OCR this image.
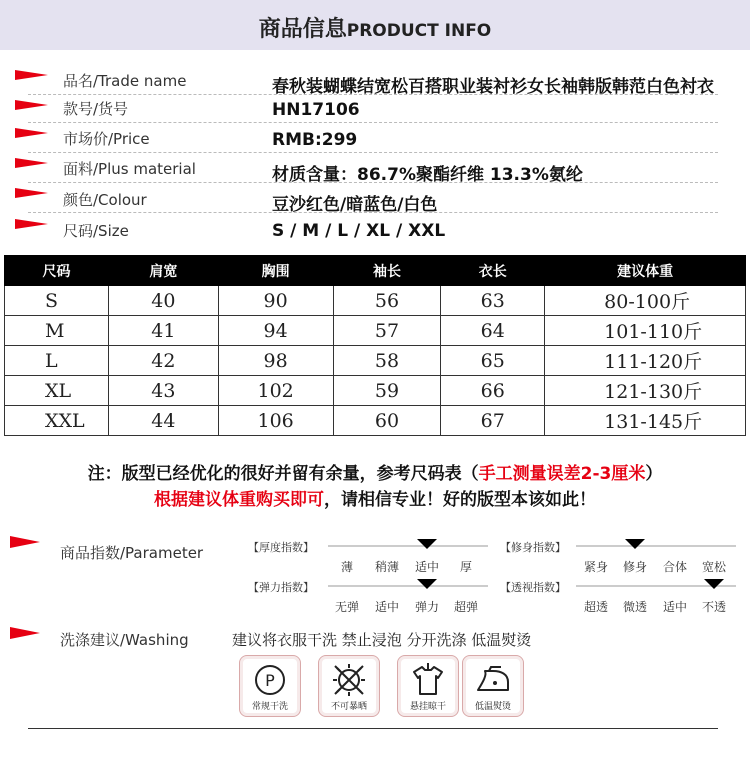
商品信息PRODUCT INFO
品名/Trade name	春秋装蝴蝶结宽松百搭职业装衬衫女长袖韩版韩范白色衬衣
款号/货号	HN17106
市场价/Price	RMB:299
面料/Plus material	材质含量：86.7%聚酯纤维 13.3%氨纶
颜色/Colour	豆沙红色/暗蓝色/白色
尺码/Size	S / M / L / XL / XXL
尺码	肩宽	胸围	袖长	衣长	建议体重
S	40	90	56	63	80-100斤
M	41	94	57	64	101-110斤
L	42	98	58	65	111-120斤
XL	43	102	59	66	121-130斤
XXL	44	106	60	67	131-145斤
注：版型已经优化的很好并留有余量，参考尺码表（手工测量误差2-3厘米）
根据建议体重购买即可，请相信专业！好的版型本该如此！
商品指数/Parameter	【厚度指数】
薄 稍薄 适中 厚
【修身指数】
紧身 修身 合体 宽松
【弹力指数】
无弹 适中 弹力 超弹
【透视指数】
超透 微透 适中 不透
洗涤建议/Washing	建议将衣服干洗 禁止浸泡 分开洗涤 低温熨烫
P
常规干洗	不可暴晒	悬挂晾干	低温熨烫
